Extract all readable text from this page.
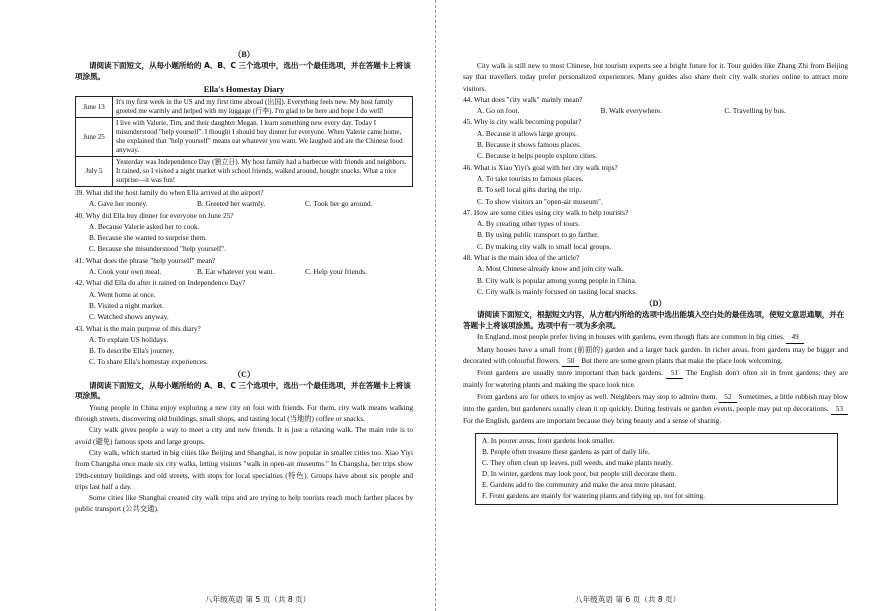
（B）
请阅读下面短文，从每小题所给的 A、B、C 三个选项中，选出一个最佳选项，并在答题卡上将该项涂黑。
Ella's Homestay Diary
June 13	It's my first week in the US and my first time abroad (出国). Everything feels new. My host family greeted me warmly and helped with my luggage (行李). I'm glad to be here and hope I do well!
June 25	I live with Valerie, Tim, and their daughter Megan. I learn something new every day. Today I misunderstood "help yourself". I thought I should buy dinner for everyone. When Valerie came home, she explained that "help yourself" means eat whatever you want. We laughed and ate the Chinese food anyway.
July 5	Yesterday was Independence Day (独立日). My host family had a barbecue with friends and neighbors. It rained, so I visited a night market with school friends, walked around, bought snacks. What a nice surprise—it was fun!
39. What did the host family do when Ella arrived at the airport?
A. Gave her money.	B. Greeted her warmly.	C. Took her go around.
40. Why did Ella buy dinner for everyone on June 25?
A. Because Valerie asked her to cook.
B. Because she wanted to surprise them.
C. Because she misunderstood "help yourself".
41. What does the phrase "help yourself" mean?
A. Cook your own meal.	B. Eat whatever you want.	C. Help your friends.
42. What did Ella do after it rained on Independence Day?
A. Went home at once.
B. Visited a night market.
C. Watched shows anyway.
43. What is the main purpose of this diary?
A. To explain US holidays.
B. To describe Ella's journey.
C. To share Ella's homestay experiences.
（C）
请阅读下面短文，从每小题所给的 A、B、C 三个选项中，选出一个最佳选项，并在答题卡上将该项涂黑。
Young people in China enjoy exploring a new city on foot with friends. For them, city walk means walking through streets, discovering old buildings, small shops, and tasting local (当地的) coffee or snacks.
City walk gives people a way to meet a city and new friends. It is just a relaxing walk. The main rule is to avoid (避免) famous spots and large groups.
City walk, which started in big cities like Beijing and Shanghai, is now popular in smaller cities too. Xiao Yiyi from Changsha once made six city walks, letting visitors "walk in open-air museums." In Changsha, her trips show 19th-century buildings and old streets, with stops for local specialties (特色). Groups have about six people and trips last half a day.
Some cities like Shanghai created city walk trips and are trying to help tourists reach much farther places by public transport (公共交通).
八年级英语 第 5 页（共 8 页）
City walk is still new to most Chinese, but tourism experts see a bright future for it. Tour guides like Zhang Zhi from Beijing say that travellers today prefer personalized experiences. Many guides also share their city walk stories online to attract more visitors.
44. What does "city walk" mainly mean?
A. Go on foot.	B. Walk everywhere.	C. Travelling by bus.
45. Why is city walk becoming popular?
A. Because it allows large groups.
B. Because it shows famous places.
C. Because it helps people explore cities.
46. What is Xiao Yiyi's goal with her city walk trips?
A. To take tourists to famous places.
B. To sell local gifts during the trip.
C. To show visitors an "open-air museum".
47. How are some cities using city walk to help tourists?
A. By creating other types of tours.
B. By using public transport to go farther.
C. By making city walk to small local groups.
48. What is the main idea of the article?
A. Most Chinese already know and join city walk.
B. City walk is popular among young people in China.
C. City walk is mainly focused on tasting local snacks.
（D）
请阅读下面短文，根据短文内容，从方框内所给的选项中选出能填入空白处的最佳选项，使短文意思通顺，并在答题卡上将该项涂黑。选项中有一项为多余项。
In England, most people prefer living in houses with gardens, even though flats are common in big cities. 49
Many houses have a small front (前面的) garden and a larger back garden. In richer areas, front gardens may be bigger and decorated with colourful flowers. 50 But there are some green plants that make the place look welcoming.
Front gardens are usually more important than back gardens. 51 The English don't often sit in front gardens; they are mainly for watering plants and making the space look nice.
Front gardens are for others to enjoy as well. Neighbors may stop to admire them. 52 Sometimes, a little rubbish may blow into the garden, but gardeners usually clean it up quickly. During festivals or garden events, people may put up decorations. 53 For the English, gardens are important because they bring beauty and a sense of sharing.
A. In poorer areas, front gardens look smaller.
B. People often treasure these gardens as part of daily life.
C. They often clean up leaves, pull weeds, and make plants neatly.
D. In winter, gardens may look poor, but people still decorate them.
E. Gardens add to the community and make the area more pleasant.
F. Front gardens are mainly for watering plants and tidying up, not for sitting.
八年级英语 第 6 页（共 8 页）
